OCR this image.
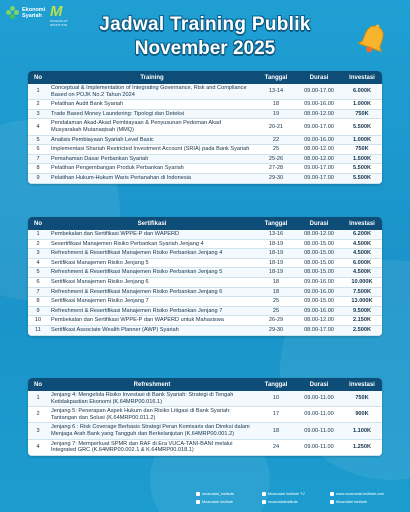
Ekonomi
Syariah M
MUAMALAT INSTITUTE	Jadwal Training Publik
November 2025
No	Training	Tanggal	Durasi	Investasi
1	Conceptual & Implementation of Integrating Governance, Risk and Compliance Based on POJK No.2 Tahun 2024	13-14	09.00-17.00	6.000K
2	Pelatihan Audit Bank Syariah	18	09.00-16.00	1.000K
3	Trade Based Money Laundering: Tipologi dan Deteksi	19	08.00-12.00	750K
4	Pendalaman Akad-Akad Pembiayaan & Penyusunan Pedoman Akad Musyarakah Mutanaqisah (MMQ)	20-21	09.00-17.00	5.500K
5	Analisis Pembiayaan Syariah Level Basic	22	09.00-16.00	1.000K
6	Implementasi Shariah Restricted Investment Account (SRIA) pada Bank Syariah	25	08.00-12.00	750K
7	Pemahaman Dasar Perbankan Syariah	25-26	08.00-12.00	1.500K
8	Pelatihan Pengembangan Produk Perbankan Syariah	27-28	09.00-17.00	5.500K
9	Pelatihan Hukum-Hukum Waris Pertanahan di Indonesia	29-30	09.00-17.00	5.500K
No	Sertifikasi	Tanggal	Durasi	Investasi
1	Pembekalan dan Sertifikasi WPPE-P dan WAPERD	13-16	08.00-12.00	6.200K
2	Sesertifikasi Manajemen Risiko Perbankan Syariah Jenjang 4	18-19	08.00-15.00	4.500K
3	Refreshment & Resertifikasi Manajemen Risiko Perbankan Jenjang 4	18-19	08.00-15.00	4.500K
4	Sertifikasi Manajemen Risiko Jenjang 5	18-19	08.00-15.00	6.000K
5	Refreshment & Resertifikasi Manajemen Risiko Perbankan Jenjang 5	18-19	08.00-15.00	4.500K
6	Sertifikasi Manajemen Risiko Jenjang 6	18	09.00-16.00	10.000K
7	Refreshment & Resertifikasi Manajemen Risiko Perbankan Jenjang 6	18	09.00-16.00	7.500K
8	Sertifikasi Manajemen Risiko Jenjang 7	25	09.00-15.00	13.000K
9	Refreshment & Resertifikasi Manajemen Risiko Perbankan Jenjang 7	25	09.00-16.00	9.500K
10	Pembekalan dan Sertifikasi WPPE-P dan WAPERD untuk Mahasiswa	26-29	08.00-12.00	2.150K
11	Sertifikasi Associate Wealth Planner (AWP) Syariah	29-30	08.00-17.00	2.500K
No	Refreshment	Tanggal	Durasi	Investasi
1	Jenjang 4: Mengelola Risiko Investasi di Bank Syariah: Strategi di Tengah Ketidakpastian Ekonomi (K.64MRP00.016.1)	10	09.00-11.00	750K
2	Jenjang 5: Penerapan Aspek Hukum dan Risiko Litigasi di Bank Syariah: Tantangan dan Solusi (K.64MRP00.011.2)	17	09.00-11.00	900K
3	Jenjang 6 : Risk Coverage Berbasis Strategi Peran Komisaris dan Direksi dalam Menjaga Arah Bank yang Tangguh dan Berkelanjutan (K.64MRP00.001.2)	18	09.00-11.00	1.100K
4	Jenjang 7: Memperkuat SPMR dan RAF di Era VUCA-TANI-BANI melalui Integrated GRC (K.64MRP00.002.1 & K.64MRP00.018.1)	24	09.00-11.00	1.250K
muamalat_institute	Muamalat Institute TV	www.muamalat-institute.com
Muamalat Institute	muamalatinstitute	Muamalat Institute
